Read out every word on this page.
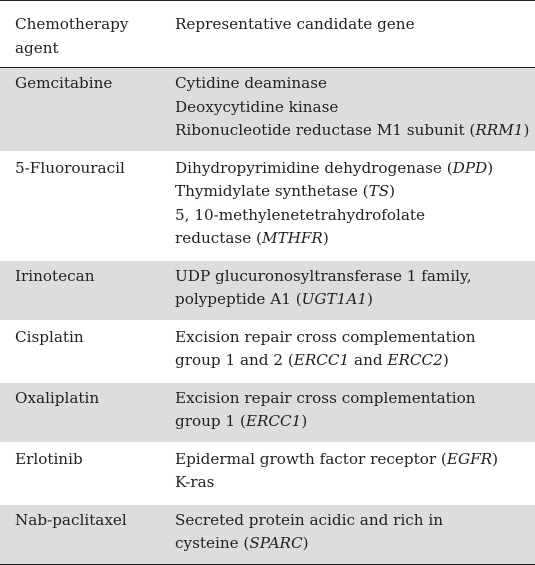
Chemotherapy
agent	Representative candidate gene
Gemcitabine	Cytidine deaminase
Deoxycytidine kinase
Ribonucleotide reductase M1 subunit (RRM1)

5-Fluorouracil	Dihydropyrimidine dehydrogenase (DPD)
Thymidylate synthetase (TS)
5, 10-methylenetetrahydrofolate
reductase (MTHFR)

Irinotecan	UDP glucuronosyltransferase 1 family,
polypeptide A1 (UGT1A1)

Cisplatin	Excision repair cross complementation
group 1 and 2 (ERCC1 and ERCC2)

Oxaliplatin	Excision repair cross complementation
group 1 (ERCC1)

Erlotinib	Epidermal growth factor receptor (EGFR)
K-ras

Nab-paclitaxel	Secreted protein acidic and rich in
cysteine (SPARC)
